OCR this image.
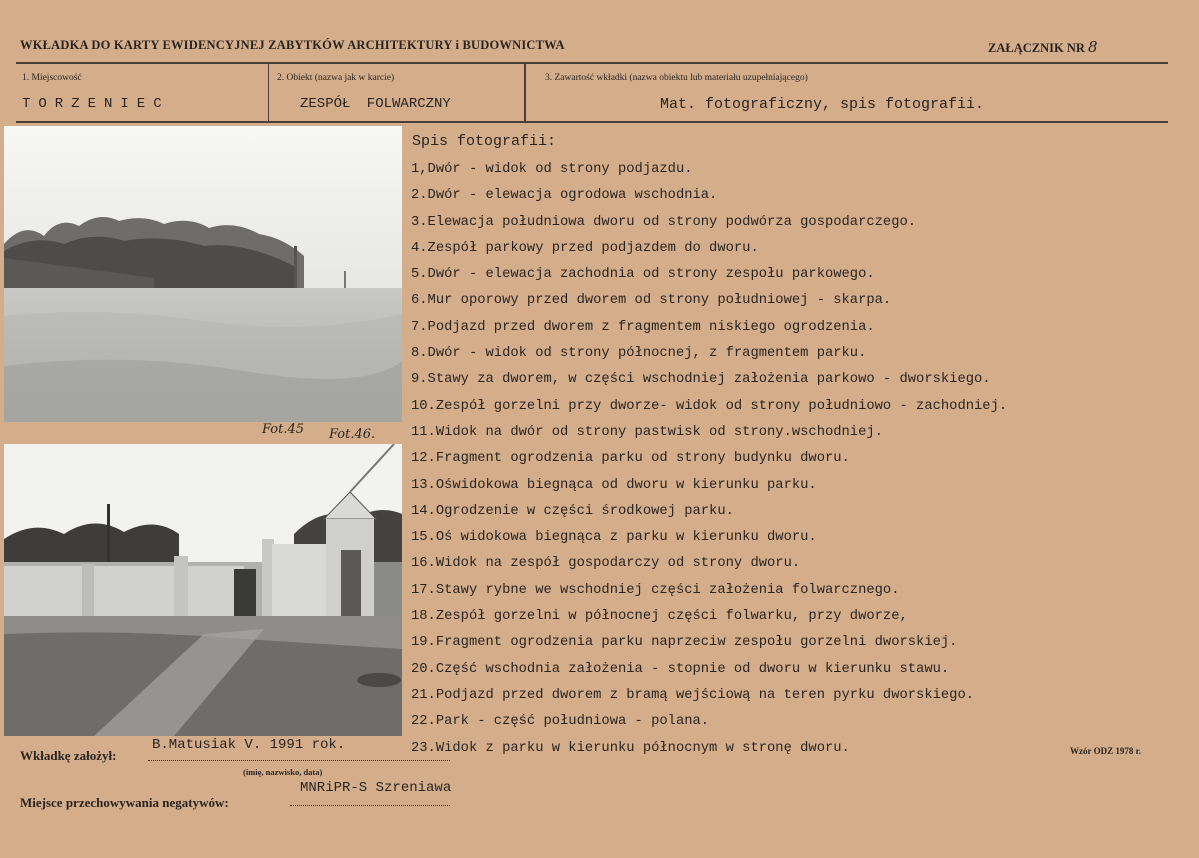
WKŁADKA DO KARTY EWIDENCYJNEJ ZABYTKÓW ARCHITEKTURY i BUDOWNICTWA	ZAŁĄCZNIK NR 8
1. Miejscowość
TORZENIEC
2. Obiekt (nazwa jak w karcie)
ZESPÓŁ FOLWARCZNY
3. Zawartość wkładki (nazwa obiektu lub materiału uzupełniającego)
Mat. fotograficzny, spis fotografii.
Fot.45 Fot.46.
Spis fotografii:
1,Dwór - widok od strony podjazdu.
2.Dwór - elewacja ogrodowa wschodnia.
3.Elewacja południowa dworu od strony podwórza gospodarczego.
4.Zespół parkowy przed podjazdem do dworu.
5.Dwór - elewacja zachodnia od strony zespołu parkowego.
6.Mur oporowy przed dworem od strony południowej - skarpa.
7.Podjazd przed dworem z fragmentem niskiego ogrodzenia.
8.Dwór - widok od strony północnej, z fragmentem parku.
9.Stawy za dworem, w części wschodniej założenia parkowo - dworskiego.
10.Zespół gorzelni przy dworze- widok od strony południowo - zachodniej.
11.Widok na dwór od strony pastwisk od strony.wschodniej.
12.Fragment ogrodzenia parku od strony budynku dworu.
13.Oświdokowa biegnąca od dworu w kierunku parku.
14.Ogrodzenie w części środkowej parku.
15.Oś widokowa biegnąca z parku w kierunku dworu.
16.Widok na zespół gospodarczy od strony dworu.
17.Stawy rybne we wschodniej części założenia folwarcznego.
18.Zespół gorzelni w północnej części folwarku, przy dworze,
19.Fragment ogrodzenia parku naprzeciw zespołu gorzelni dworskiej.
20.Część wschodnia założenia - stopnie od dworu w kierunku stawu.
21.Podjazd przed dworem z bramą wejściową na teren pyrku dworskiego.
22.Park - część południowa - polana.
23.Widok z parku w kierunku północnym w stronę dworu.
Wkładkę założył:
B.Matusiak V. 1991 rok.
(imię, nazwisko, data)
Miejsce przechowywania negatywów:
MNRiPR-S Szreniawa
Wzór ODZ 1978 r.
